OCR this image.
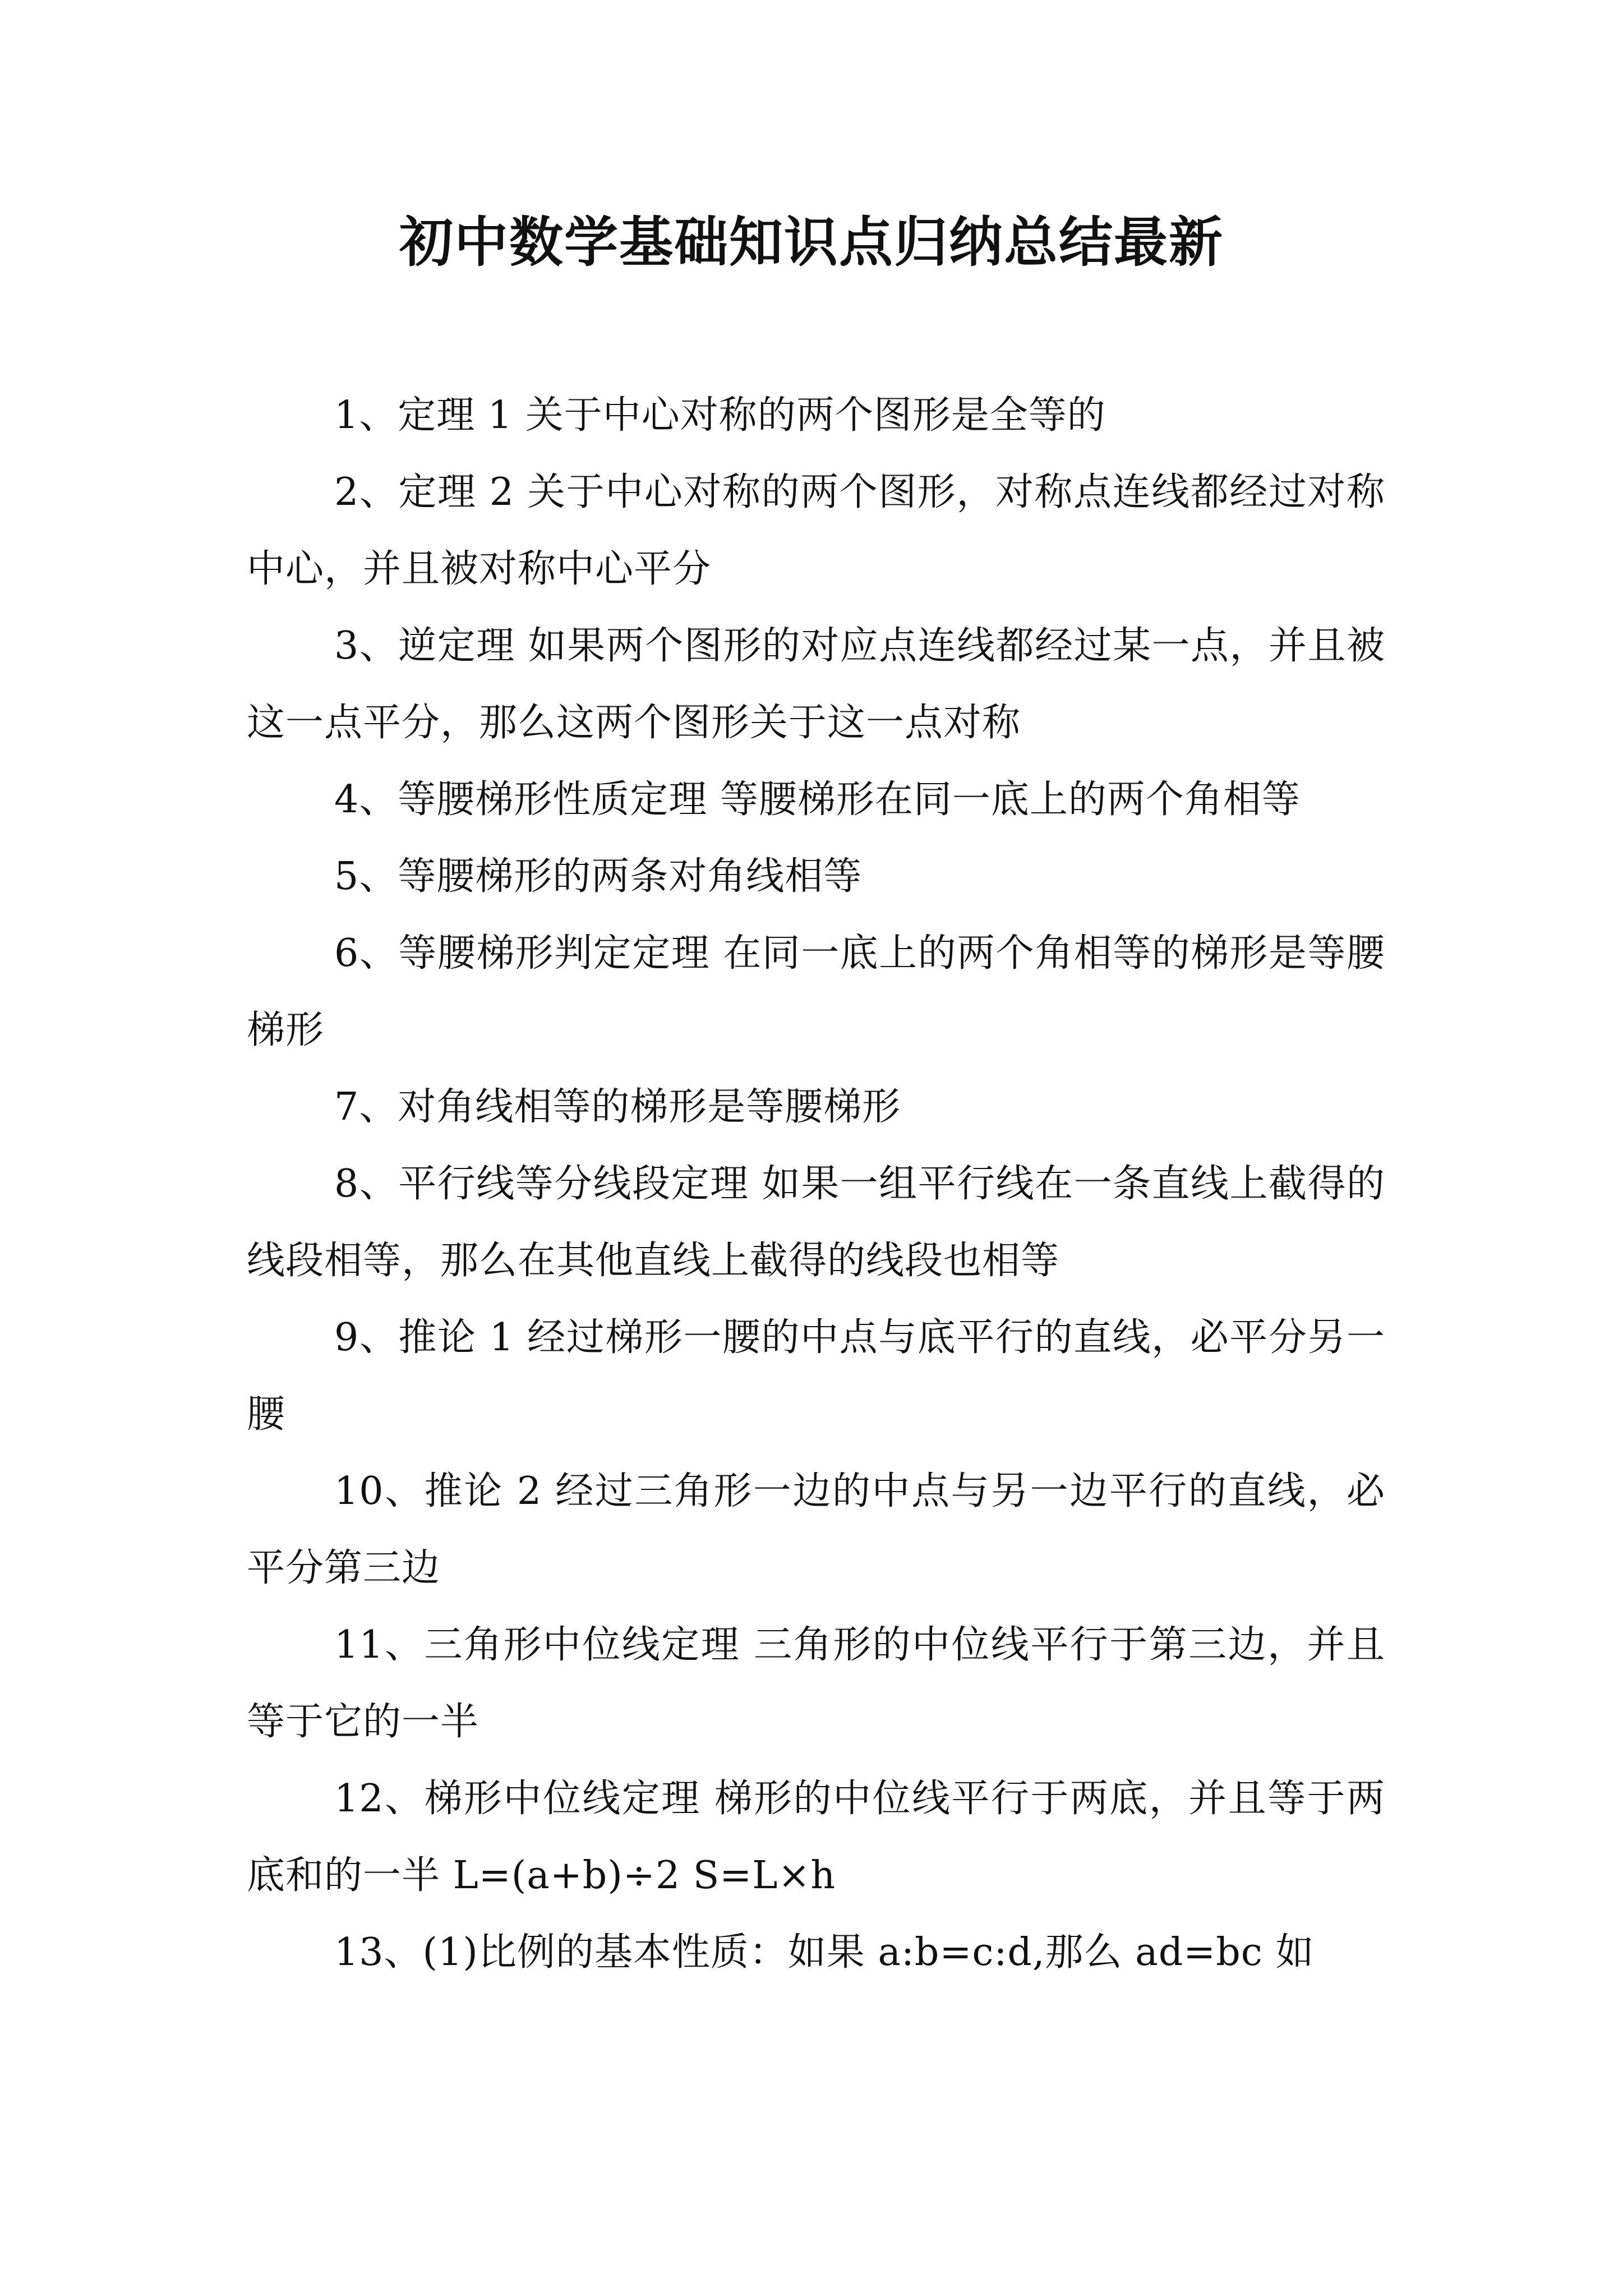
初中数学基础知识点归纳总结最新

1、定理 1 关于中心对称的两个图形是全等的

2、定理 2 关于中心对称的两个图形，对称点连线都经过对称中心，并且被对称中心平分

3、逆定理 如果两个图形的对应点连线都经过某一点，并且被这一点平分，那么这两个图形关于这一点对称

4、等腰梯形性质定理 等腰梯形在同一底上的两个角相等

5、等腰梯形的两条对角线相等

6、等腰梯形判定定理 在同一底上的两个角相等的梯形是等腰梯形

7、对角线相等的梯形是等腰梯形

8、平行线等分线段定理 如果一组平行线在一条直线上截得的线段相等，那么在其他直线上截得的线段也相等

9、推论 1 经过梯形一腰的中点与底平行的直线，必平分另一腰

10、推论 2 经过三角形一边的中点与另一边平行的直线，必平分第三边

11、三角形中位线定理 三角形的中位线平行于第三边，并且等于它的一半

12、梯形中位线定理 梯形的中位线平行于两底，并且等于两底和的一半 L=(a+b)÷2 S=L×h

13、(1)比例的基本性质：如果 a:b=c:d,那么 ad=bc 如
